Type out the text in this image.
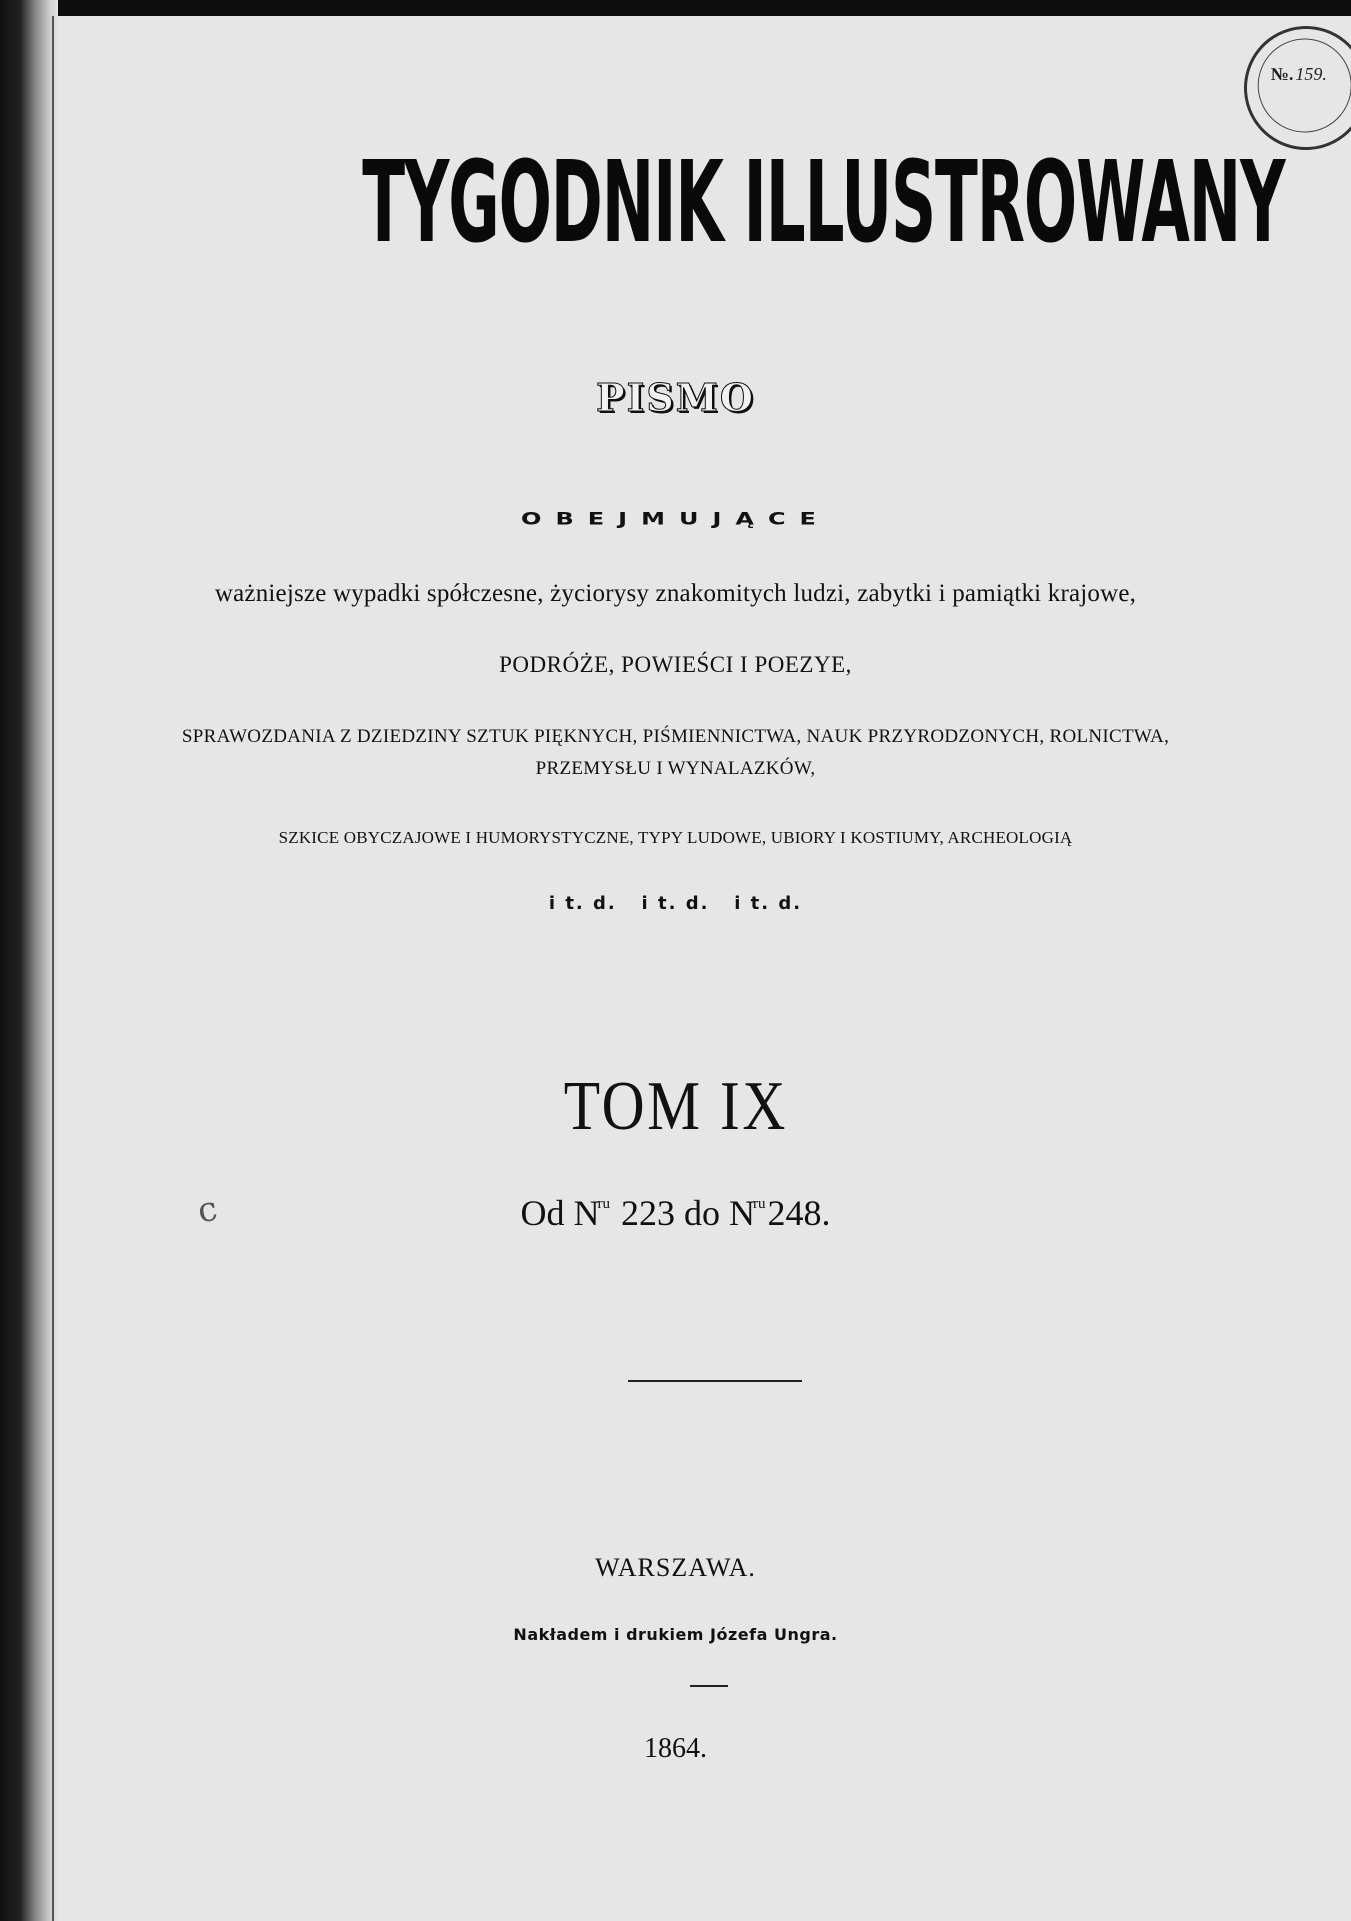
№. 159.
TYGODNIK ILLUSTROWANY
PISMO
OBEJMUJĄCE
ważniejsze wypadki spółczesne, życiorysy znakomitych ludzi, zabytki i pamiątki krajowe,
PODRÓŻE, POWIEŚCI I POEZYE,
SPRAWOZDANIA Z DZIEDZINY SZTUK PIĘKNYCH, PIŚMIENNICTWA, NAUK PRZYRODZONYCH, ROLNICTWA,
PRZEMYSŁU I WYNALAZKÓW,
SZKICE OBYCZAJOWE I HUMORYSTYCZNE, TYPY LUDOWE, UBIORY I KOSTIUMY, ARCHEOLOGIĄ
i t. d.   i t. d.   i t. d.
TOM IX
Od $N^{ru}$ 223 do $N^{ru}248$.
WARSZAWA.
Nakładem i drukiem Józefa Ungra.
1864.
c
